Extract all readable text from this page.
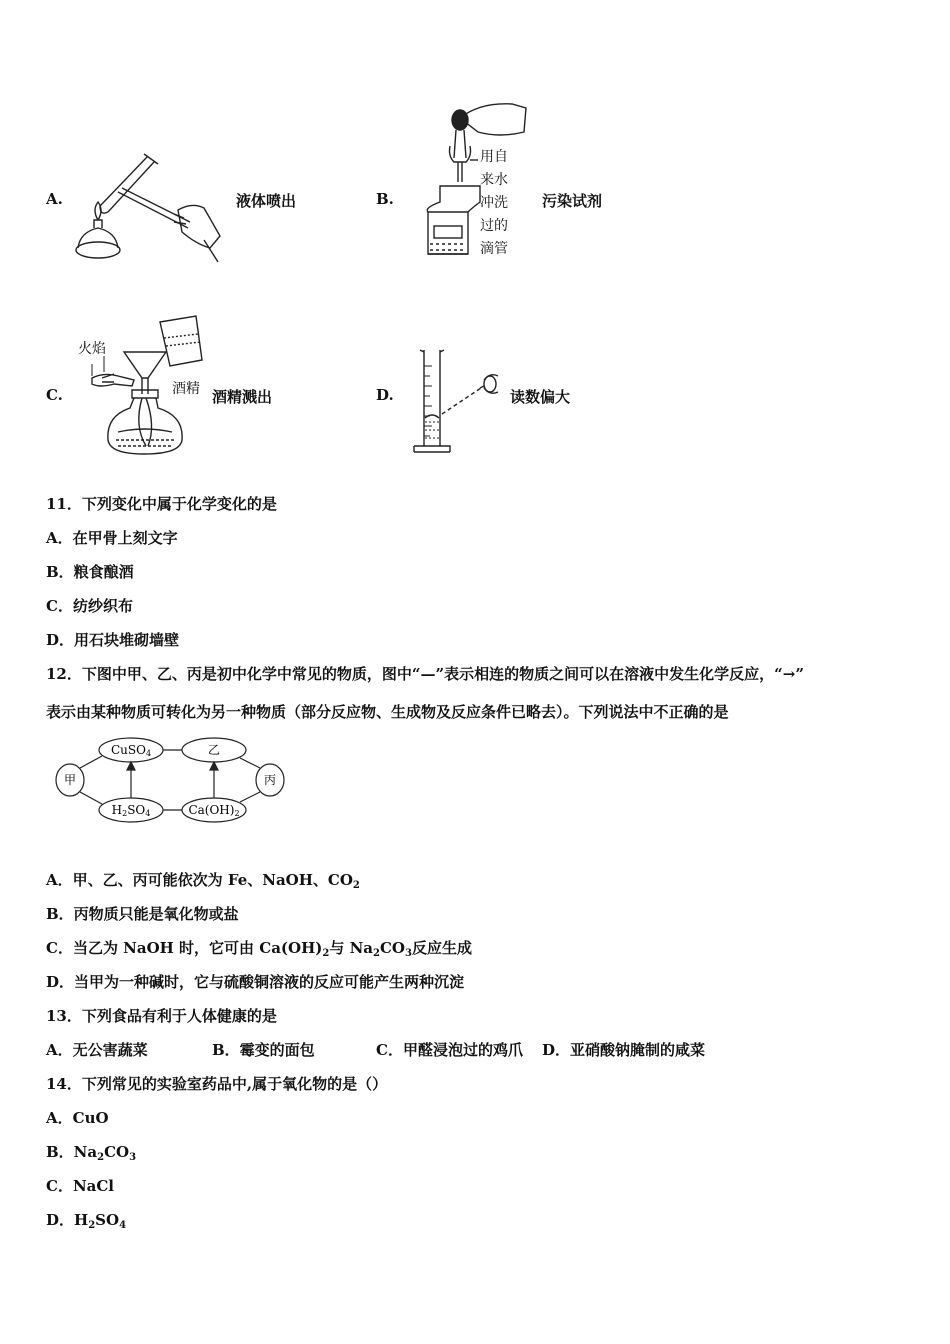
A.	液体喷出	B.
用自
来水
冲洗
过的
滴管
污染试剂
C.
火焰
酒精 酒精溅出	D.	读数偏大
11．下列变化中属于化学变化的是
A．在甲骨上刻文字
B．粮食酿酒
C．纺纱织布
D．用石块堆砌墙壁
12．下图中甲、乙、丙是初中化学中常见的物质，图中“—”表示相连的物质之间可以在溶液中发生化学反应，“→”
表示由某种物质可转化为另一种物质（部分反应物、生成物及反应条件已略去）。下列说法中不正确的是
甲
乙
丙
CuSO4
H2SO4	Ca(OH)2
A．甲、乙、丙可能依次为 Fe、NaOH、$CO_2$
B．丙物质只能是氧化物或盐
C．当乙为 NaOH 时，它可由 $Ca(OH)_2$与 $Na_2CO_3$反应生成
D．当甲为一种碱时，它与硫酸铜溶液的反应可能产生两种沉淀
13．下列食品有利于人体健康的是
A．无公害蔬菜	B．霉变的面包	C．甲醛浸泡过的鸡爪 D．亚硝酸钠腌制的咸菜
14．下列常见的实验室药品中,属于氧化物的是（）
A．CuO
B．$Na_2CO_3$
C．NaCl
D．$H_2SO_4$
